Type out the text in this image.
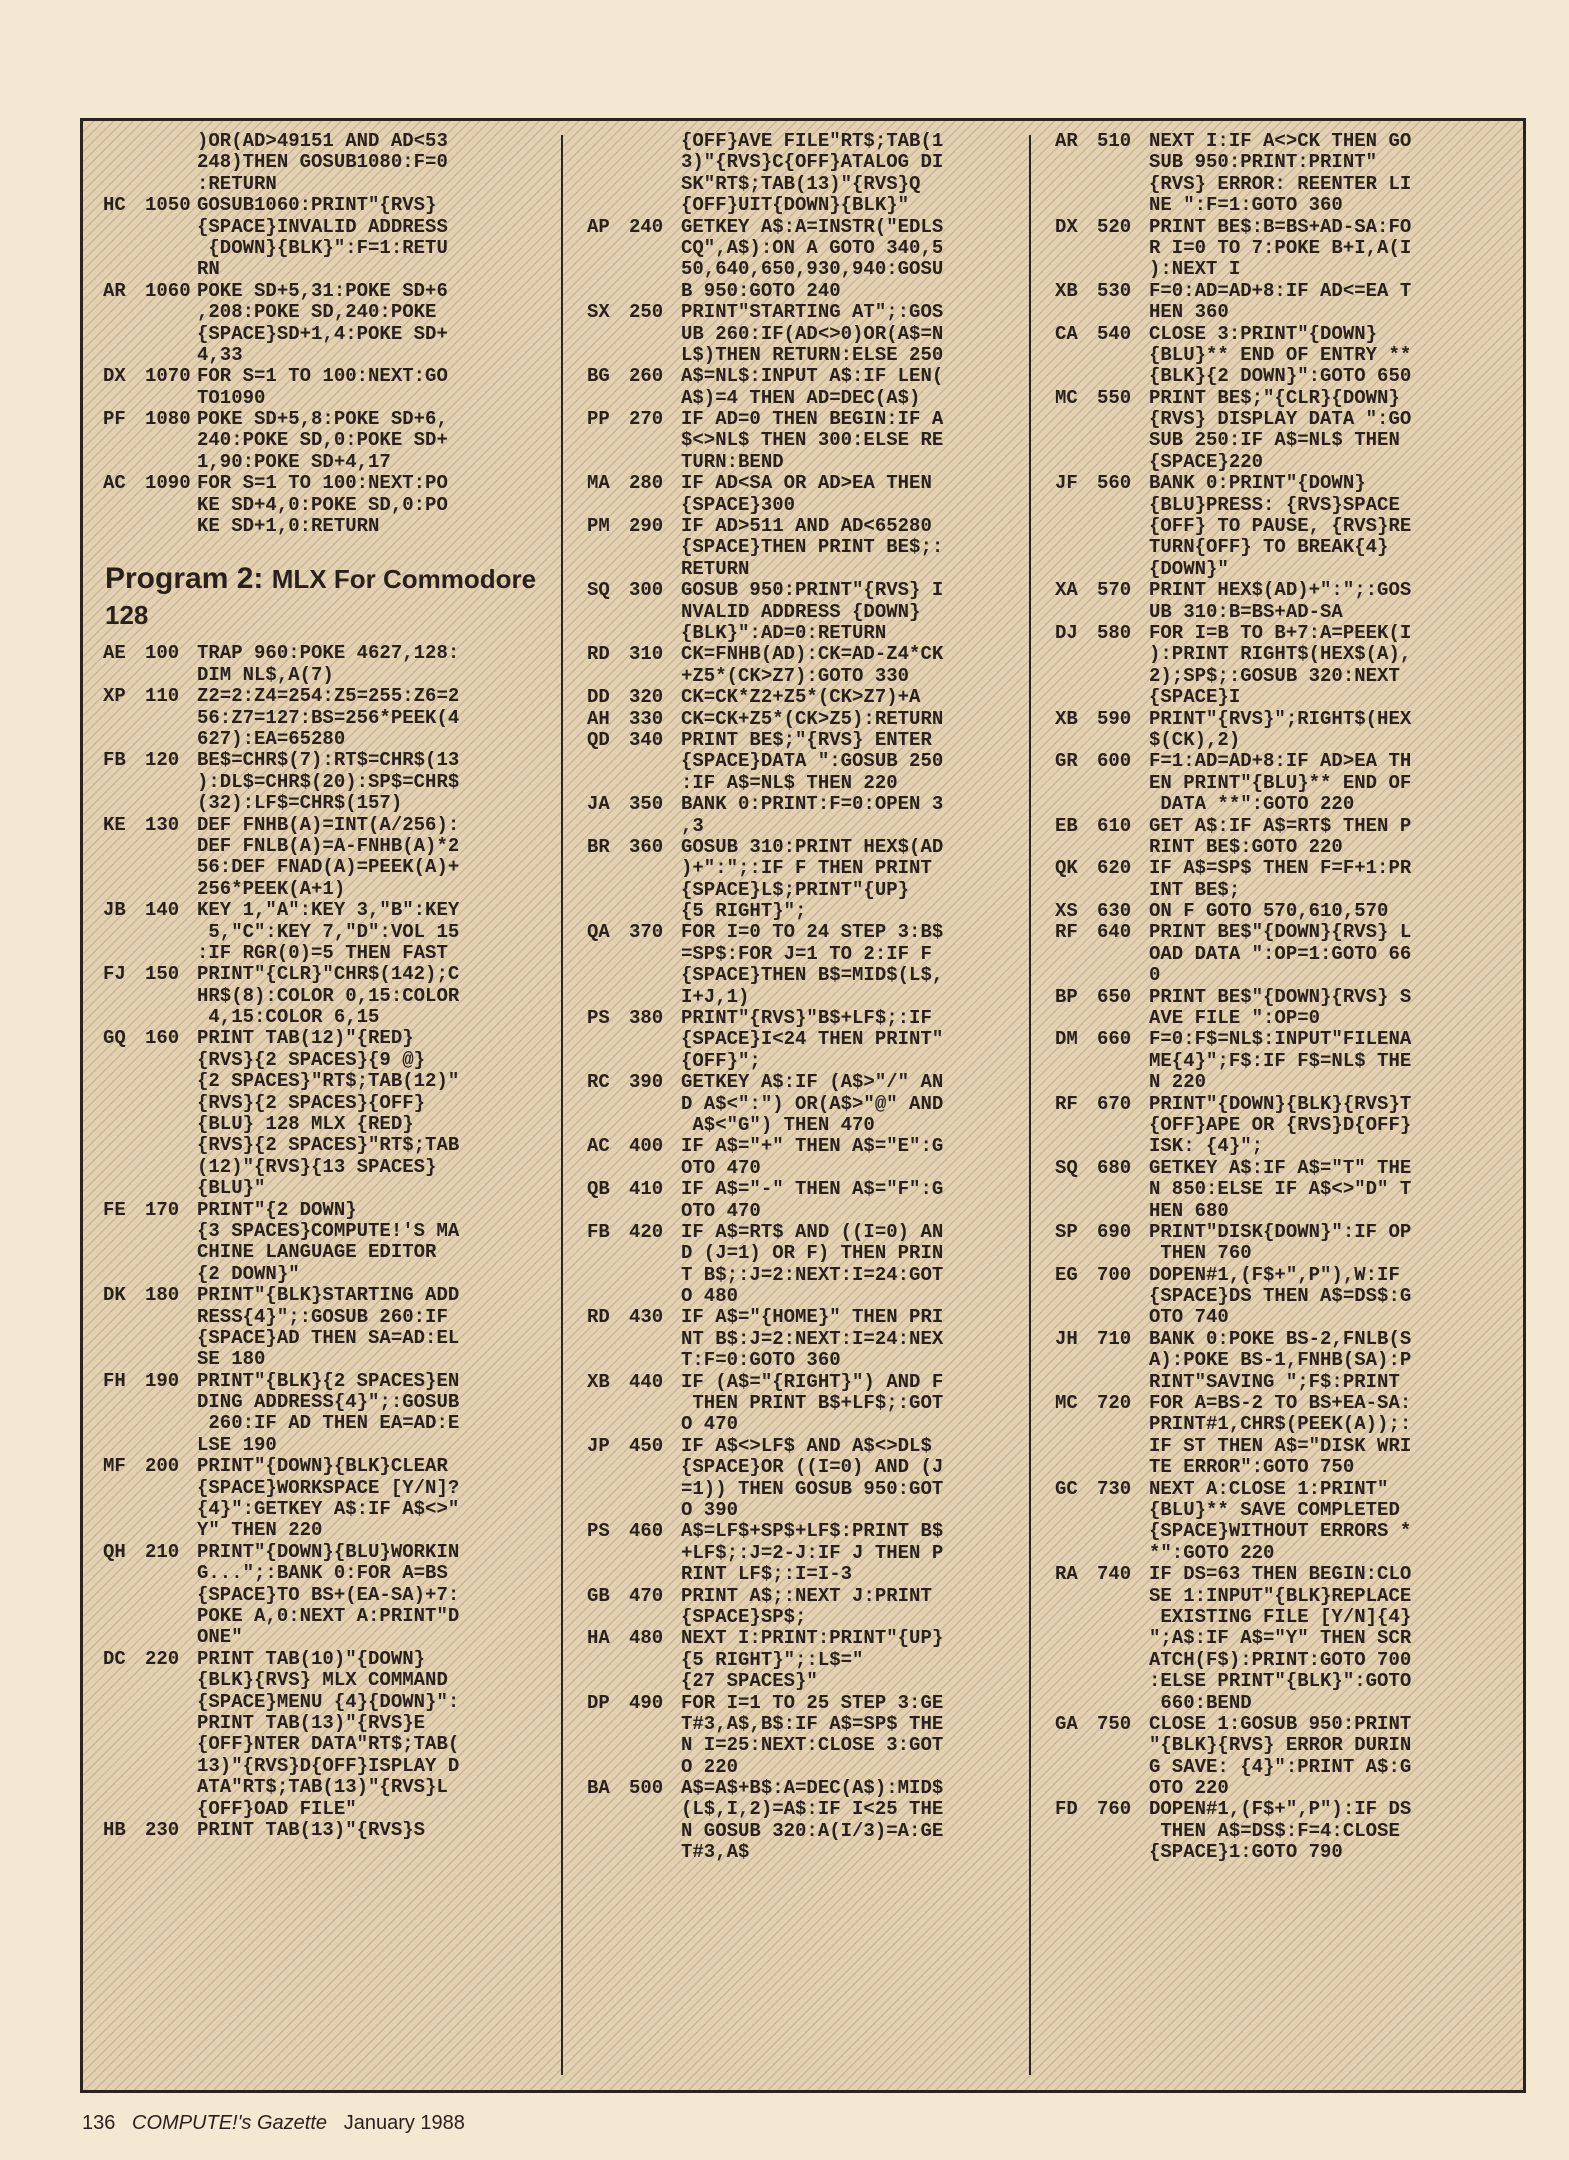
)OR(AD>49151 AND AD<53
248)THEN GOSUB1080:F=0
:RETURN
HC	1050 GOSUB1060:PRINT"{RVS}
{SPACE}INVALID ADDRESS
{DOWN}{BLK}":F=1:RETU
RN
AR	1060 POKE SD+5,31:POKE SD+6
,208:POKE SD,240:POKE
{SPACE}SD+1,4:POKE SD+
4,33
DX	1070 FOR S=1 TO 100:NEXT:GO
TO1090
PF	1080 POKE SD+5,8:POKE SD+6,
240:POKE SD,0:POKE SD+
1,90:POKE SD+4,17
AC	1090 FOR S=1 TO 100:NEXT:PO
KE SD+4,0:POKE SD,0:PO
KE SD+1,0:RETURN
Program 2: MLX For Commodore 128
AE	100 TRAP 960:POKE 4627,128:
DIM NL$,A(7)
XP	110 Z2=2:Z4=254:Z5=255:Z6=2
56:Z7=127:BS=256*PEEK(4
627):EA=65280
FB	120 BE$=CHR$(7):RT$=CHR$(13
):DL$=CHR$(20):SP$=CHR$
(32):LF$=CHR$(157)
KE	130 DEF FNHB(A)=INT(A/256):
DEF FNLB(A)=A-FNHB(A)*2
56:DEF FNAD(A)=PEEK(A)+
256*PEEK(A+1)
JB	140 KEY 1,"A":KEY 3,"B":KEY
5,"C":KEY 7,"D":VOL 15
:IF RGR(0)=5 THEN FAST
FJ	150 PRINT"{CLR}"CHR$(142);C
HR$(8):COLOR 0,15:COLOR
4,15:COLOR 6,15
GQ	160 PRINT TAB(12)"{RED}
{RVS}{2 SPACES}{9 @}
{2 SPACES}"RT$;TAB(12)"
{RVS}{2 SPACES}{OFF}
{BLU} 128 MLX {RED}
{RVS}{2 SPACES}"RT$;TAB
(12)"{RVS}{13 SPACES}
{BLU}"
FE	170 PRINT"{2 DOWN}
{3 SPACES}COMPUTE!'S MA
CHINE LANGUAGE EDITOR
{2 DOWN}"
DK	180 PRINT"{BLK}STARTING ADD
RESS{4}";:GOSUB 260:IF
{SPACE}AD THEN SA=AD:EL
SE 180
FH	190 PRINT"{BLK}{2 SPACES}EN
DING ADDRESS{4}";:GOSUB
260:IF AD THEN EA=AD:E
LSE 190
MF	200 PRINT"{DOWN}{BLK}CLEAR
{SPACE}WORKSPACE [Y/N]?
{4}":GETKEY A$:IF A$<>"
Y" THEN 220
QH	210 PRINT"{DOWN}{BLU}WORKIN
G...";:BANK 0:FOR A=BS
{SPACE}TO BS+(EA-SA)+7:
POKE A,0:NEXT A:PRINT"D
ONE"
DC	220 PRINT TAB(10)"{DOWN}
{BLK}{RVS} MLX COMMAND
{SPACE}MENU {4}{DOWN}":
PRINT TAB(13)"{RVS}E
{OFF}NTER DATA"RT$;TAB(
13)"{RVS}D{OFF}ISPLAY D
ATA"RT$;TAB(13)"{RVS}L
{OFF}OAD FILE"
HB	230 PRINT TAB(13)"{RVS}S
{OFF}AVE FILE"RT$;TAB(1
3)"{RVS}C{OFF}ATALOG DI
SK"RT$;TAB(13)"{RVS}Q
{OFF}UIT{DOWN}{BLK}"
AP	240 GETKEY A$:A=INSTR("EDLS
CQ",A$):ON A GOTO 340,5
50,640,650,930,940:GOSU
B 950:GOTO 240
SX	250 PRINT"STARTING AT";:GOS
UB 260:IF(AD<>0)OR(A$=N
L$)THEN RETURN:ELSE 250
BG	260 A$=NL$:INPUT A$:IF LEN(
A$)=4 THEN AD=DEC(A$)
PP	270 IF AD=0 THEN BEGIN:IF A
$<>NL$ THEN 300:ELSE RE
TURN:BEND
MA	280 IF AD<SA OR AD>EA THEN
{SPACE}300
PM	290 IF AD>511 AND AD<65280
{SPACE}THEN PRINT BE$;:
RETURN
SQ	300 GOSUB 950:PRINT"{RVS} I
NVALID ADDRESS {DOWN}
{BLK}":AD=0:RETURN
RD	310 CK=FNHB(AD):CK=AD-Z4*CK
+Z5*(CK>Z7):GOTO 330
DD	320 CK=CK*Z2+Z5*(CK>Z7)+A
AH	330 CK=CK+Z5*(CK>Z5):RETURN
QD	340 PRINT BE$;"{RVS} ENTER
{SPACE}DATA ":GOSUB 250
:IF A$=NL$ THEN 220
JA	350 BANK 0:PRINT:F=0:OPEN 3
,3
BR	360 GOSUB 310:PRINT HEX$(AD
)+":";:IF F THEN PRINT
{SPACE}L$;PRINT"{UP}
{5 RIGHT}";
QA	370 FOR I=0 TO 24 STEP 3:B$
=SP$:FOR J=1 TO 2:IF F
{SPACE}THEN B$=MID$(L$,
I+J,1)
PS	380 PRINT"{RVS}"B$+LF$;:IF
{SPACE}I<24 THEN PRINT"
{OFF}";
RC	390 GETKEY A$:IF (A$>"/" AN
D A$<":") OR(A$>"@" AND
A$<"G") THEN 470
AC	400 IF A$="+" THEN A$="E":G
OTO 470
QB	410 IF A$="-" THEN A$="F":G
OTO 470
FB	420 IF A$=RT$ AND ((I=0) AN
D (J=1) OR F) THEN PRIN
T B$;:J=2:NEXT:I=24:GOT
O 480
RD	430 IF A$="{HOME}" THEN PRI
NT B$:J=2:NEXT:I=24:NEX
T:F=0:GOTO 360
XB	440 IF (A$="{RIGHT}") AND F
THEN PRINT B$+LF$;:GOT
O 470
JP	450 IF A$<>LF$ AND A$<>DL$
{SPACE}OR ((I=0) AND (J
=1)) THEN GOSUB 950:GOT
O 390
PS	460 A$=LF$+SP$+LF$:PRINT B$
+LF$;:J=2-J:IF J THEN P
RINT LF$;:I=I-3
GB	470 PRINT A$;:NEXT J:PRINT
{SPACE}SP$;
HA	480 NEXT I:PRINT:PRINT"{UP}
{5 RIGHT}";:L$="
{27 SPACES}"
DP	490 FOR I=1 TO 25 STEP 3:GE
T#3,A$,B$:IF A$=SP$ THE
N I=25:NEXT:CLOSE 3:GOT
O 220
BA	500 A$=A$+B$:A=DEC(A$):MID$
(L$,I,2)=A$:IF I<25 THE
N GOSUB 320:A(I/3)=A:GE
T#3,A$
AR	510 NEXT I:IF A<>CK THEN GO
SUB 950:PRINT:PRINT"
{RVS} ERROR: REENTER LI
NE ":F=1:GOTO 360
DX	520 PRINT BE$:B=BS+AD-SA:FO
R I=0 TO 7:POKE B+I,A(I
):NEXT I
XB	530 F=0:AD=AD+8:IF AD<=EA T
HEN 360
CA	540 CLOSE 3:PRINT"{DOWN}
{BLU}** END OF ENTRY **
{BLK}{2 DOWN}":GOTO 650
MC	550 PRINT BE$;"{CLR}{DOWN}
{RVS} DISPLAY DATA ":GO
SUB 250:IF A$=NL$ THEN
{SPACE}220
JF	560 BANK 0:PRINT"{DOWN}
{BLU}PRESS: {RVS}SPACE
{OFF} TO PAUSE, {RVS}RE
TURN{OFF} TO BREAK{4}
{DOWN}"
XA	570 PRINT HEX$(AD)+":";:GOS
UB 310:B=BS+AD-SA
DJ	580 FOR I=B TO B+7:A=PEEK(I
):PRINT RIGHT$(HEX$(A),
2);SP$;:GOSUB 320:NEXT
{SPACE}I
XB	590 PRINT"{RVS}";RIGHT$(HEX
$(CK),2)
GR	600 F=1:AD=AD+8:IF AD>EA TH
EN PRINT"{BLU}** END OF
DATA **":GOTO 220
EB	610 GET A$:IF A$=RT$ THEN P
RINT BE$:GOTO 220
QK	620 IF A$=SP$ THEN F=F+1:PR
INT BE$;
XS	630 ON F GOTO 570,610,570
RF	640 PRINT BE$"{DOWN}{RVS} L
OAD DATA ":OP=1:GOTO 66
0
BP	650 PRINT BE$"{DOWN}{RVS} S
AVE FILE ":OP=0
DM	660 F=0:F$=NL$:INPUT"FILENA
ME{4}";F$:IF F$=NL$ THE
N 220
RF	670 PRINT"{DOWN}{BLK}{RVS}T
{OFF}APE OR {RVS}D{OFF}
ISK: {4}";
SQ	680 GETKEY A$:IF A$="T" THE
N 850:ELSE IF A$<>"D" T
HEN 680
SP	690 PRINT"DISK{DOWN}":IF OP
THEN 760
EG	700 DOPEN#1,(F$+",P"),W:IF
{SPACE}DS THEN A$=DS$:G
OTO 740
JH	710 BANK 0:POKE BS-2,FNLB(S
A):POKE BS-1,FNHB(SA):P
RINT"SAVING ";F$:PRINT
MC	720 FOR A=BS-2 TO BS+EA-SA:
PRINT#1,CHR$(PEEK(A));:
IF ST THEN A$="DISK WRI
TE ERROR":GOTO 750
GC	730 NEXT A:CLOSE 1:PRINT"
{BLU}** SAVE COMPLETED
{SPACE}WITHOUT ERRORS *
*":GOTO 220
RA	740 IF DS=63 THEN BEGIN:CLO
SE 1:INPUT"{BLK}REPLACE
EXISTING FILE [Y/N]{4}
";A$:IF A$="Y" THEN SCR
ATCH(F$):PRINT:GOTO 700
:ELSE PRINT"{BLK}":GOTO
660:BEND
GA	750 CLOSE 1:GOSUB 950:PRINT
"{BLK}{RVS} ERROR DURIN
G SAVE: {4}":PRINT A$:G
OTO 220
FD	760 DOPEN#1,(F$+",P"):IF DS
THEN A$=DS$:F=4:CLOSE
{SPACE}1:GOTO 790
136 COMPUTE!'s Gazette January 1988
